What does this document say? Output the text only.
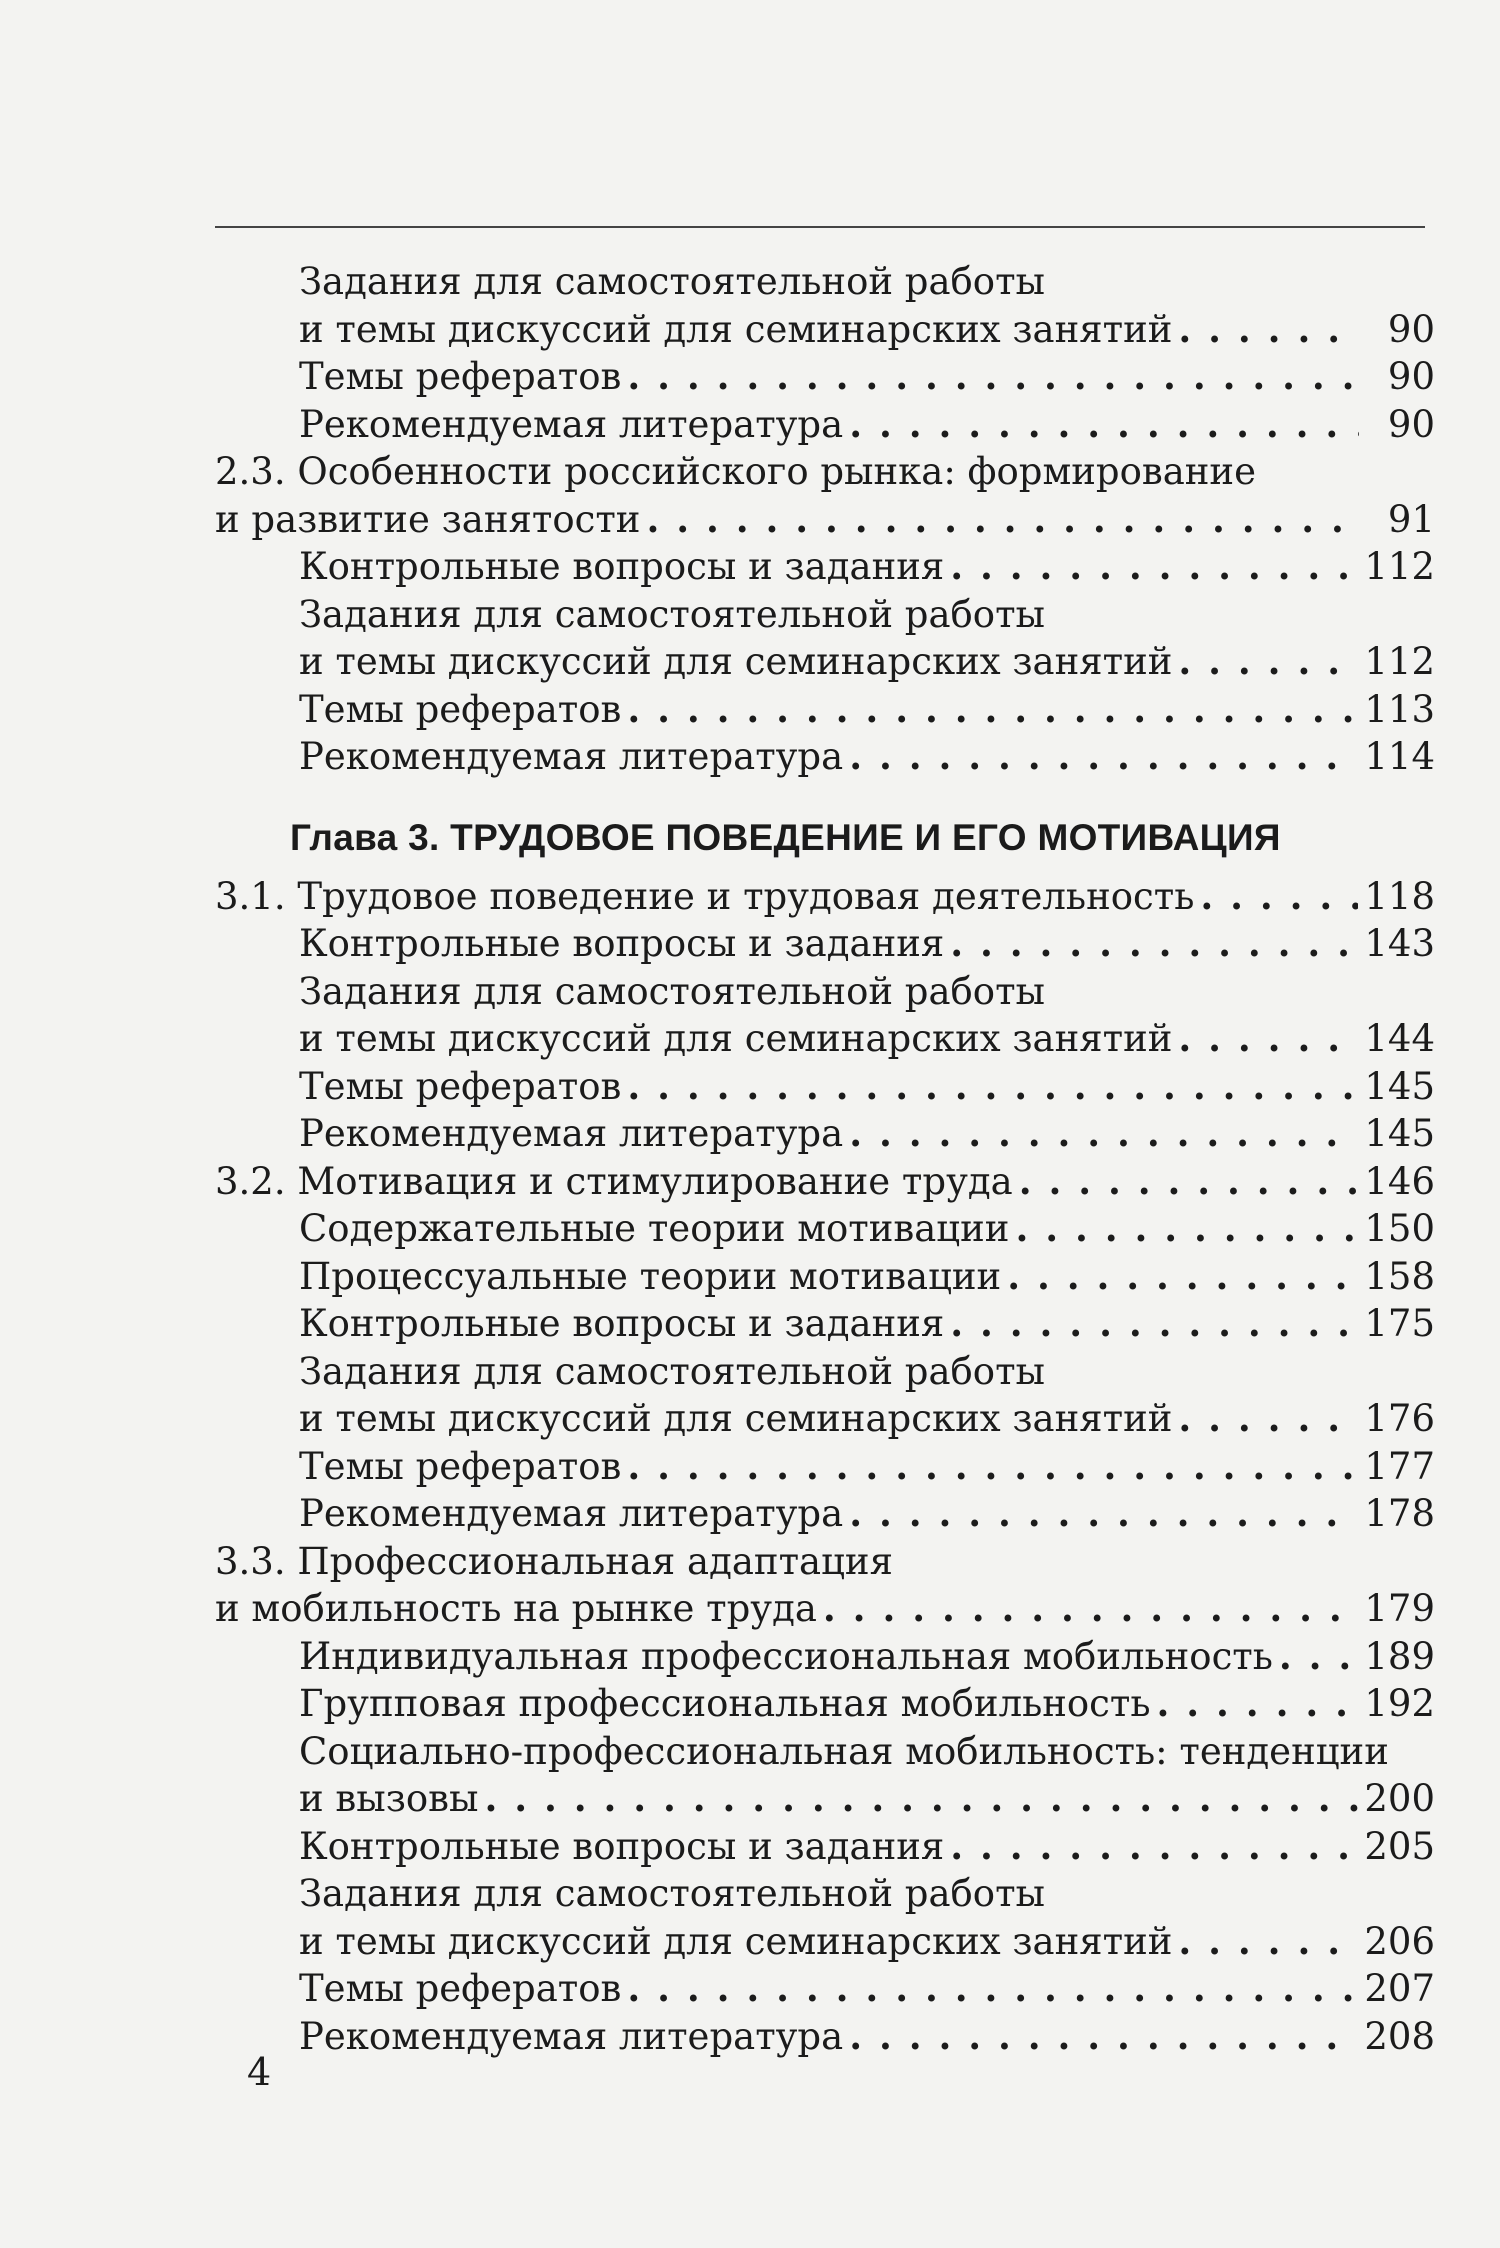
Задания для самостоятельной работы
и темы дискуссий для семинарских занятий . . .	90
Темы рефератов . . .	90
Рекомендуемая литература . . .	90
2.3. Особенности российского рынка: формирование
и развитие занятости . . .	91
Контрольные вопросы и задания . . .	112
Задания для самостоятельной работы
и темы дискуссий для семинарских занятий . . .	112
Темы рефератов . . .	113
Рекомендуемая литература . . .	114
Глава 3. ТРУДОВОЕ ПОВЕДЕНИЕ И ЕГО МОТИВАЦИЯ
3.1. Трудовое поведение и трудовая деятельность . . .	118
Контрольные вопросы и задания . . .	143
Задания для самостоятельной работы
и темы дискуссий для семинарских занятий . . .	144
Темы рефератов . . .	145
Рекомендуемая литература . . .	145
3.2. Мотивация и стимулирование труда . . .	146
Содержательные теории мотивации . . .	150
Процессуальные теории мотивации . . .	158
Контрольные вопросы и задания . . .	175
Задания для самостоятельной работы
и темы дискуссий для семинарских занятий . . .	176
Темы рефератов . . .	177
Рекомендуемая литература . . .	178
3.3. Профессиональная адаптация
и мобильность на рынке труда . . .	179
Индивидуальная профессиональная мобильность . . . 189
Групповая профессиональная мобильность . . .	192
Социально-профессиональная мобильность: тенденции
и вызовы . . .	200
Контрольные вопросы и задания . . .	205
Задания для самостоятельной работы
и темы дискуссий для семинарских занятий . . .	206
Темы рефератов . . .	207
Рекомендуемая литература . . .	208
4
